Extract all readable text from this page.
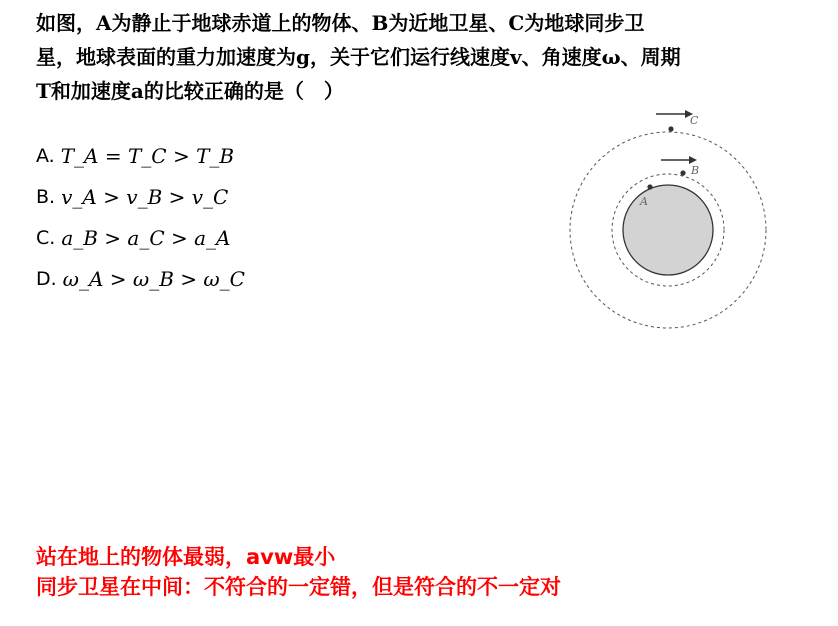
如图，A为静止于地球赤道上的物体、B为近地卫星、C为地球同步卫
星，地球表面的重力加速度为g，关于它们运行线速度v、角速度ω、周期
T和加速度a的比较正确的是（　）
A. T_A = T_C > T_B
B. v_A > v_B > v_C
C. a_B > a_C > a_A
D. ω_A > ω_B > ω_C
A
B
C
站在地上的物体最弱，avw最小
同步卫星在中间：不符合的一定错，但是符合的不一定对
